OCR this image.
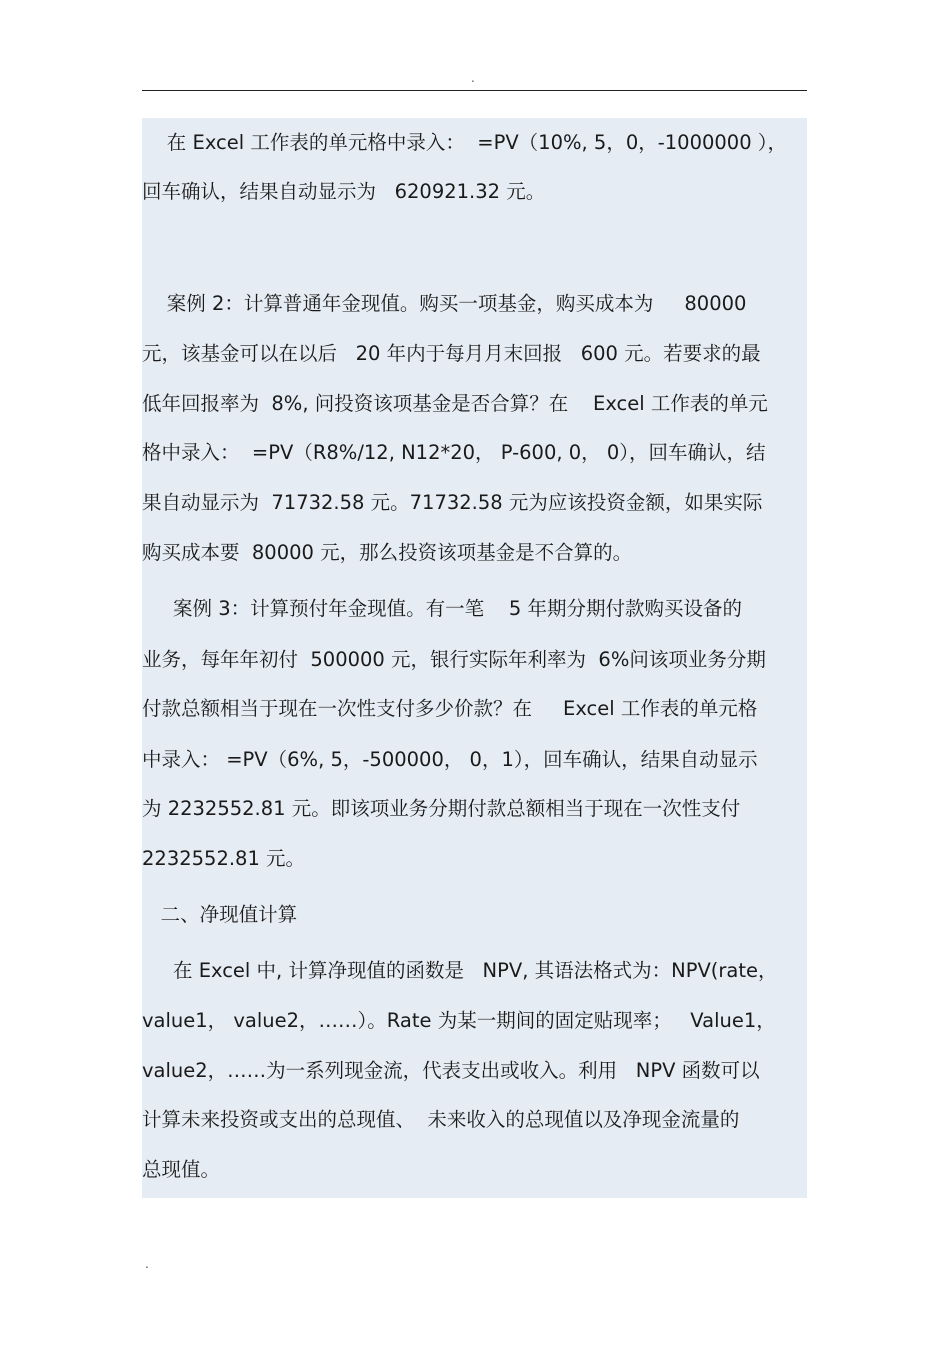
.
在 Excel 工作表的单元格中录入：  =PV（10%, 5，0，-1000000 ），
回车确认，结果自动显示为   620921.32 元。
案例 2：计算普通年金现值。购买一项基金，购买成本为     80000
元，该基金可以在以后   20 年内于每月月末回报   600 元。若要求的最
低年回报率为  8%, 问投资该项基金是否合算？在    Excel 工作表的单元
格中录入：  =PV（R8%/12, N12*20， P-600, 0， 0），回车确认，结
果自动显示为  71732.58 元。71732.58 元为应该投资金额，如果实际
购买成本要  80000 元，那么投资该项基金是不合算的。
案例 3：计算预付年金现值。有一笔    5 年期分期付款购买设备的
业务，每年年初付  500000 元，银行实际年利率为  6%问该项业务分期
付款总额相当于现在一次性支付多少价款？在     Excel 工作表的单元格
中录入： =PV（6%, 5，-500000， 0，1），回车确认，结果自动显示
为 2232552.81 元。即该项业务分期付款总额相当于现在一次性支付
2232552.81 元。
二、净现值计算
在 Excel 中, 计算净现值的函数是   NPV, 其语法格式为：NPV(rate，
value1， value2，……）。Rate 为某一期间的固定贴现率；   Value1，
value2，……为一系列现金流，代表支出或收入。利用   NPV 函数可以
计算未来投资或支出的总现值、  未来收入的总现值以及净现金流量的
总现值。
.
